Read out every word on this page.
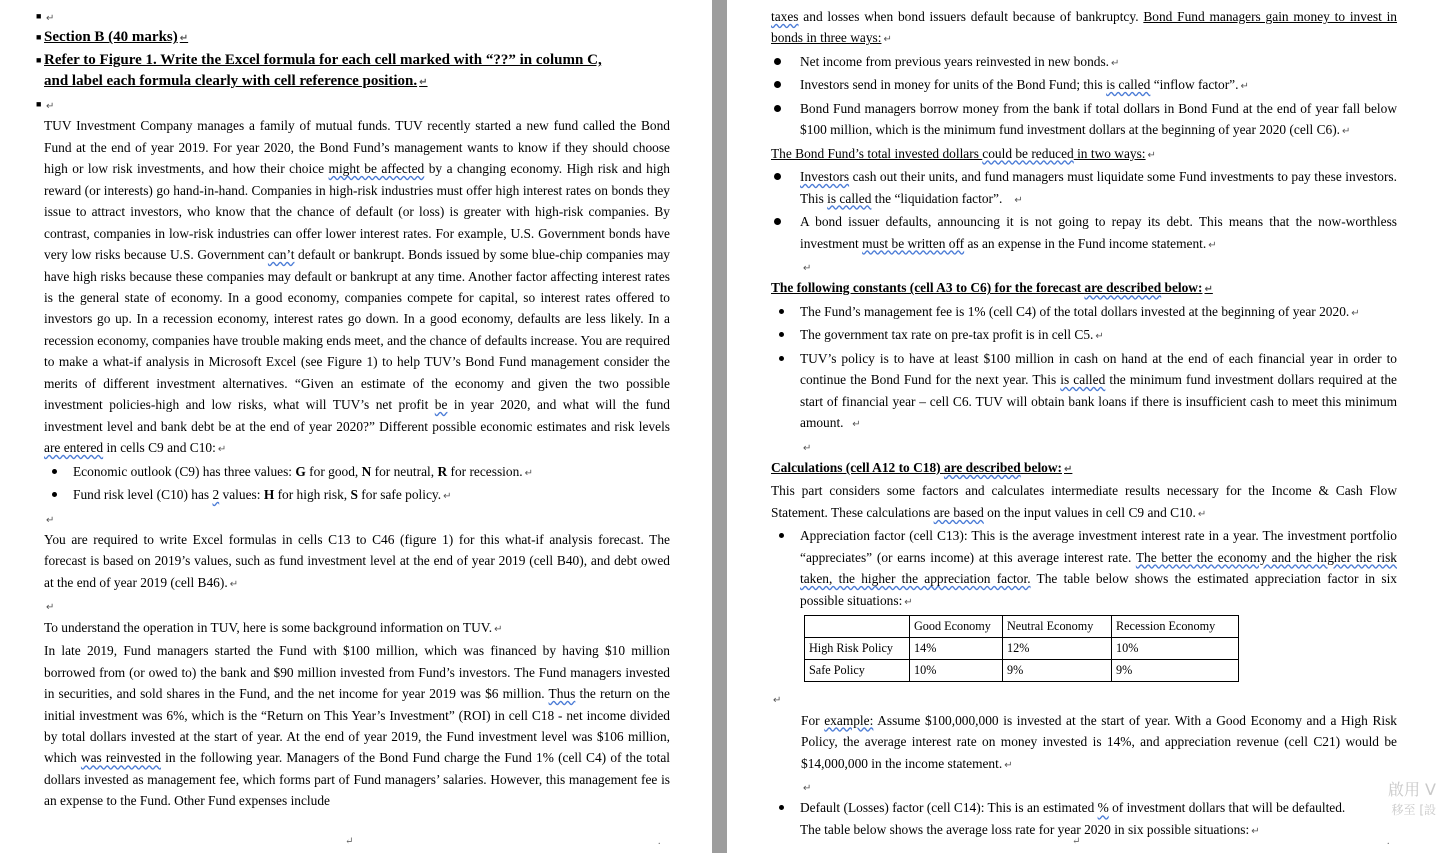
■ ↵
■ Section B (40 marks) ↵
■ Refer to Figure 1. Write the Excel formula for each cell marked with “??” in column C,
and label each formula clearly with cell reference position. ↵
■ ↵

TUV Investment Company manages a family of mutual funds. TUV recently started a new fund called the Bond Fund at the end of year 2019. For year 2020, the Bond Fund’s management wants to know if they should choose high or low risk investments, and how their choice might be affected by a changing economy. High risk and high reward (or interests) go hand-in-hand. Companies in high-risk industries must offer high interest rates on bonds they issue to attract investors, who know that the chance of default (or loss) is greater with high-risk companies. By contrast, companies in low-risk industries can offer lower interest rates. For example, U.S. Government bonds have very low risks because U.S. Government can’t default or bankrupt. Bonds issued by some blue-chip companies may have high risks because these companies may default or bankrupt at any time. Another factor affecting interest rates is the general state of economy. In a good economy, companies compete for capital, so interest rates offered to investors go up. In a recession economy, interest rates go down. In a good economy, defaults are less likely. In a recession economy, companies have trouble making ends meet, and the chance of defaults increase. You are required to make a what-if analysis in Microsoft Excel (see Figure 1) to help TUV’s Bond Fund management consider the merits of different investment alternatives. “Given an estimate of the economy and given the two possible investment policies-high and low risks, what will TUV’s net profit be in year 2020, and what will the fund investment level and bank debt be at the end of year 2020?” Different possible economic estimates and risk levels are entered in cells C9 and C10: ↵

Economic outlook (C9) has three values: G for good, N for neutral, R for recession. ↵
Fund risk level (C10) has 2 values: H for high risk, S for safe policy. ↵
↵

You are required to write Excel formulas in cells C13 to C46 (figure 1) for this what-if analysis forecast. The forecast is based on 2019’s values, such as fund investment level at the end of year 2019 (cell B40), and debt owed at the end of year 2019 (cell B46). ↵

↵

To understand the operation in TUV, here is some background information on TUV. ↵

In late 2019, Fund managers started the Fund with $100 million, which was financed by having $10 million borrowed from (or owed to) the bank and $90 million invested from Fund’s investors. The Fund managers invested in securities, and sold shares in the Fund, and the net income for year 2019 was $6 million. Thus the return on the initial investment was 6%, which is the “Return on This Year’s Investment” (ROI) in cell C18 - net income divided by total dollars invested at the start of year. At the end of year 2019, the Fund investment level was $106 million, which was reinvested in the following year. Managers of the Bond Fund charge the Fund 1% (cell C4) of the total dollars invested as management fee, which forms part of Fund managers’ salaries. However, this management fee is an expense to the Fund. Other Fund expenses include

↵	.

taxes and losses when bond issuers default because of bankruptcy. Bond Fund managers gain money to invest in bonds in three ways: ↵

Net income from previous years reinvested in new bonds. ↵
Investors send in money for units of the Bond Fund; this is called “inflow factor”. ↵
Bond Fund managers borrow money from the bank if total dollars in Bond Fund at the end of year fall below $100 million, which is the minimum fund investment dollars at the beginning of year 2020 (cell C6). ↵

The Bond Fund’s total invested dollars could be reduced in two ways: ↵

Investors cash out their units, and fund managers must liquidate some Fund investments to pay these investors. This is called the “liquidation factor”. ↵
A bond issuer defaults, announcing it is not going to repay its debt. This means that the now-worthless investment must be written off as an expense in the Fund income statement. ↵
↵

The following constants (cell A3 to C6) for the forecast are described below: ↵

The Fund’s management fee is 1% (cell C4) of the total dollars invested at the beginning of year 2020. ↵
The government tax rate on pre-tax profit is in cell C5. ↵
TUV’s policy is to have at least $100 million in cash on hand at the end of each financial year in order to continue the Bond Fund for the next year. This is called the minimum fund investment dollars required at the start of financial year – cell C6. TUV will obtain bank loans if there is insufficient cash to meet this minimum amount. ↵
↵

Calculations (cell A12 to C18) are described below: ↵

This part considers some factors and calculates intermediate results necessary for the Income & Cash Flow Statement. These calculations are based on the input values in cell C9 and C10. ↵

Appreciation factor (cell C13): This is the average investment interest rate in a year. The investment portfolio “appreciates” (or earns income) at this average interest rate. The better the economy and the higher the risk taken, the higher the appreciation factor. The table below shows the estimated appreciation factor in six possible situations: ↵
	Good Economy	Neutral Economy	Recession Economy
High Risk Policy	14%	12%	10%
Safe Policy	10%	9%	9%
↵

For example: Assume $100,000,000 is invested at the start of year. With a Good Economy and a High Risk Policy, the average interest rate on money invested is 14%, and appreciation revenue (cell C21) would be $14,000,000 in the income statement. ↵

↵
Default (Losses) factor (cell C14): This is an estimated % of investment dollars that will be defaulted.
The table below shows the average loss rate for year 2020 in six possible situations: ↵
↵	.
啟用 V
移至 [設
